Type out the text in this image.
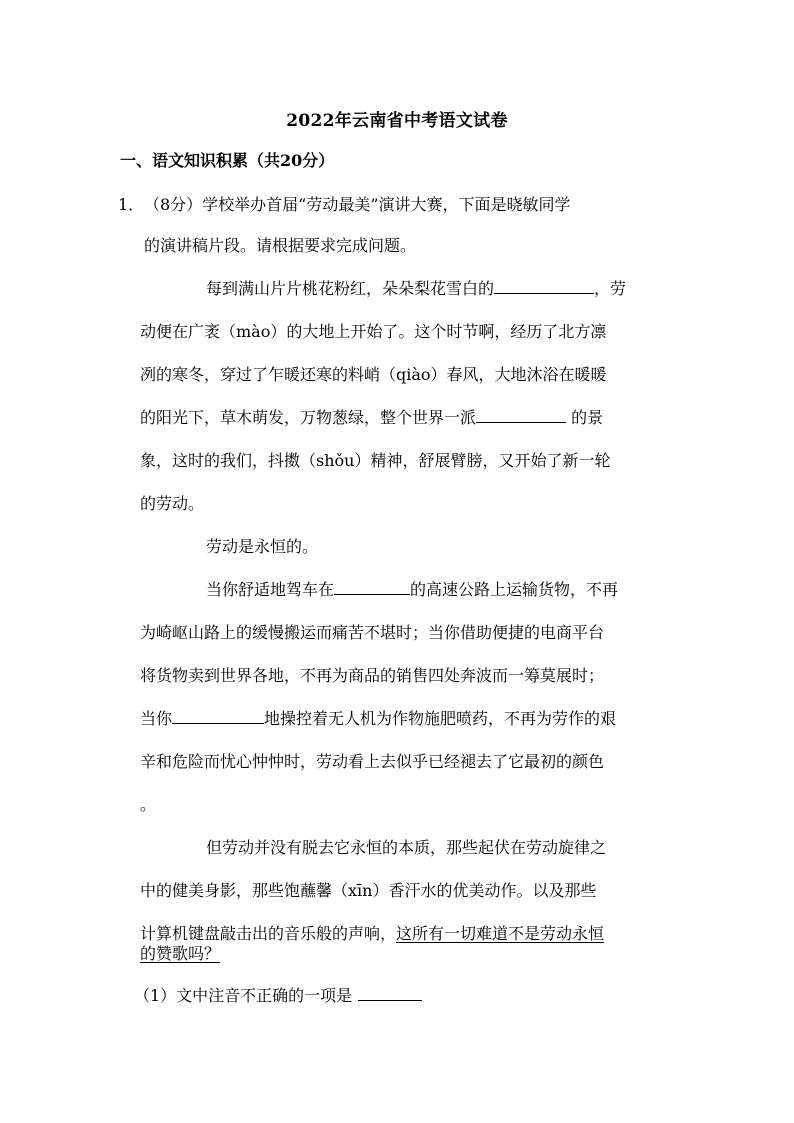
2022年云南省中考语文试卷
一、语文知识积累（共20分）
1．（8分）学校举办首届“劳动最美”演讲大赛，下面是晓敏同学
的演讲稿片段。请根据要求完成问题。
每到满山片片桃花粉红，朵朵梨花雪白的	，劳
动便在广袤（mào）的大地上开始了。这个时节啊，经历了北方凛
冽的寒冬，穿过了乍暖还寒的料峭（qiào）春风，大地沐浴在暖暖
的阳光下，草木萌发，万物葱绿，整个世界一派	的景
象，这时的我们，抖擞（shǒu）精神，舒展臂膀，又开始了新一轮
的劳动。
劳动是永恒的。
当你舒适地驾车在	的高速公路上运输货物，不再
为崎岖山路上的缓慢搬运而痛苦不堪时；当你借助便捷的电商平台
将货物卖到世界各地，不再为商品的销售四处奔波而一筹莫展时；
当你	地操控着无人机为作物施肥喷药，不再为劳作的艰
辛和危险而忧心忡忡时，劳动看上去似乎已经褪去了它最初的颜色
。
但劳动并没有脱去它永恒的本质，那些起伏在劳动旋律之
中的健美身影，那些饱蘸馨（xīn）香汗水的优美动作。以及那些
计算机键盘敲击出的音乐般的声响，这所有一切难道不是劳动永恒
（1）文中注音不正确的一项是
的赞歌吗？
